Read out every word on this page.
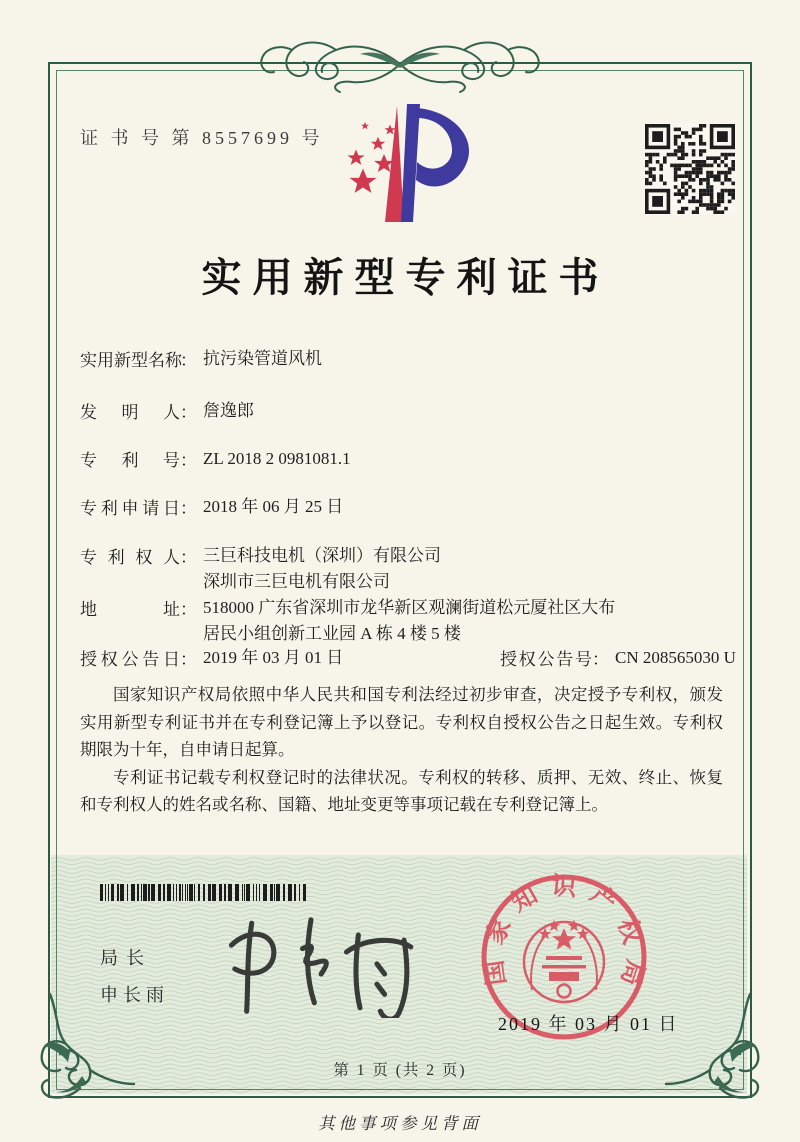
证 书 号 第 8557699 号
实用新型专利证书
实用新型名称： 抗污染管道风机
发明人： 詹逸郎
专利号： ZL 2018 2 0981081.1
专利申请日： 2018 年 06 月 25 日
专利权人： 三巨科技电机（深圳）有限公司
深圳市三巨电机有限公司
地址： 518000 广东省深圳市龙华新区观澜街道松元厦社区大布
居民小组创新工业园 A 栋 4 楼 5 楼
授权公告日： 2019 年 03 月 01 日	授权公告号： CN 208565030 U

国家知识产权局依照中华人民共和国专利法经过初步审查，决定授予专利权，颁发实用新型专利证书并在专利登记簿上予以登记。专利权自授权公告之日起生效。专利权期限为十年，自申请日起算。

专利证书记载专利权登记时的法律状况。专利权的转移、质押、无效、终止、恢复和专利权人的姓名或名称、国籍、地址变更等事项记载在专利登记簿上。

局长
申长雨
国家知识产权局
2019 年 03 月 01 日
第 1 页 (共 2 页)
其他事项参见背面
